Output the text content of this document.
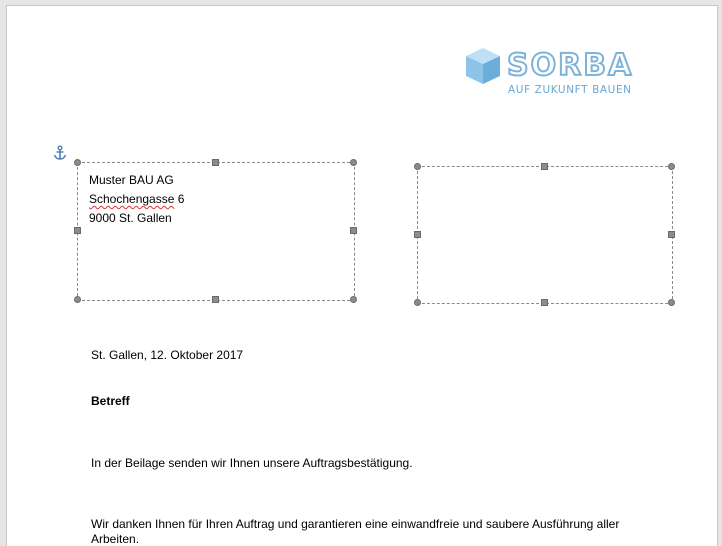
SORBA
AUF ZUKUNFT BAUEN
Muster BAU AG
Schochengasse 6
9000 St. Gallen
St. Gallen, 12. Oktober 2017
Betreff
In der Beilage senden wir Ihnen unsere Auftragsbestätigung.
Wir danken Ihnen für Ihren Auftrag und garantieren eine einwandfreie und saubere Ausführung aller
Arbeiten.
